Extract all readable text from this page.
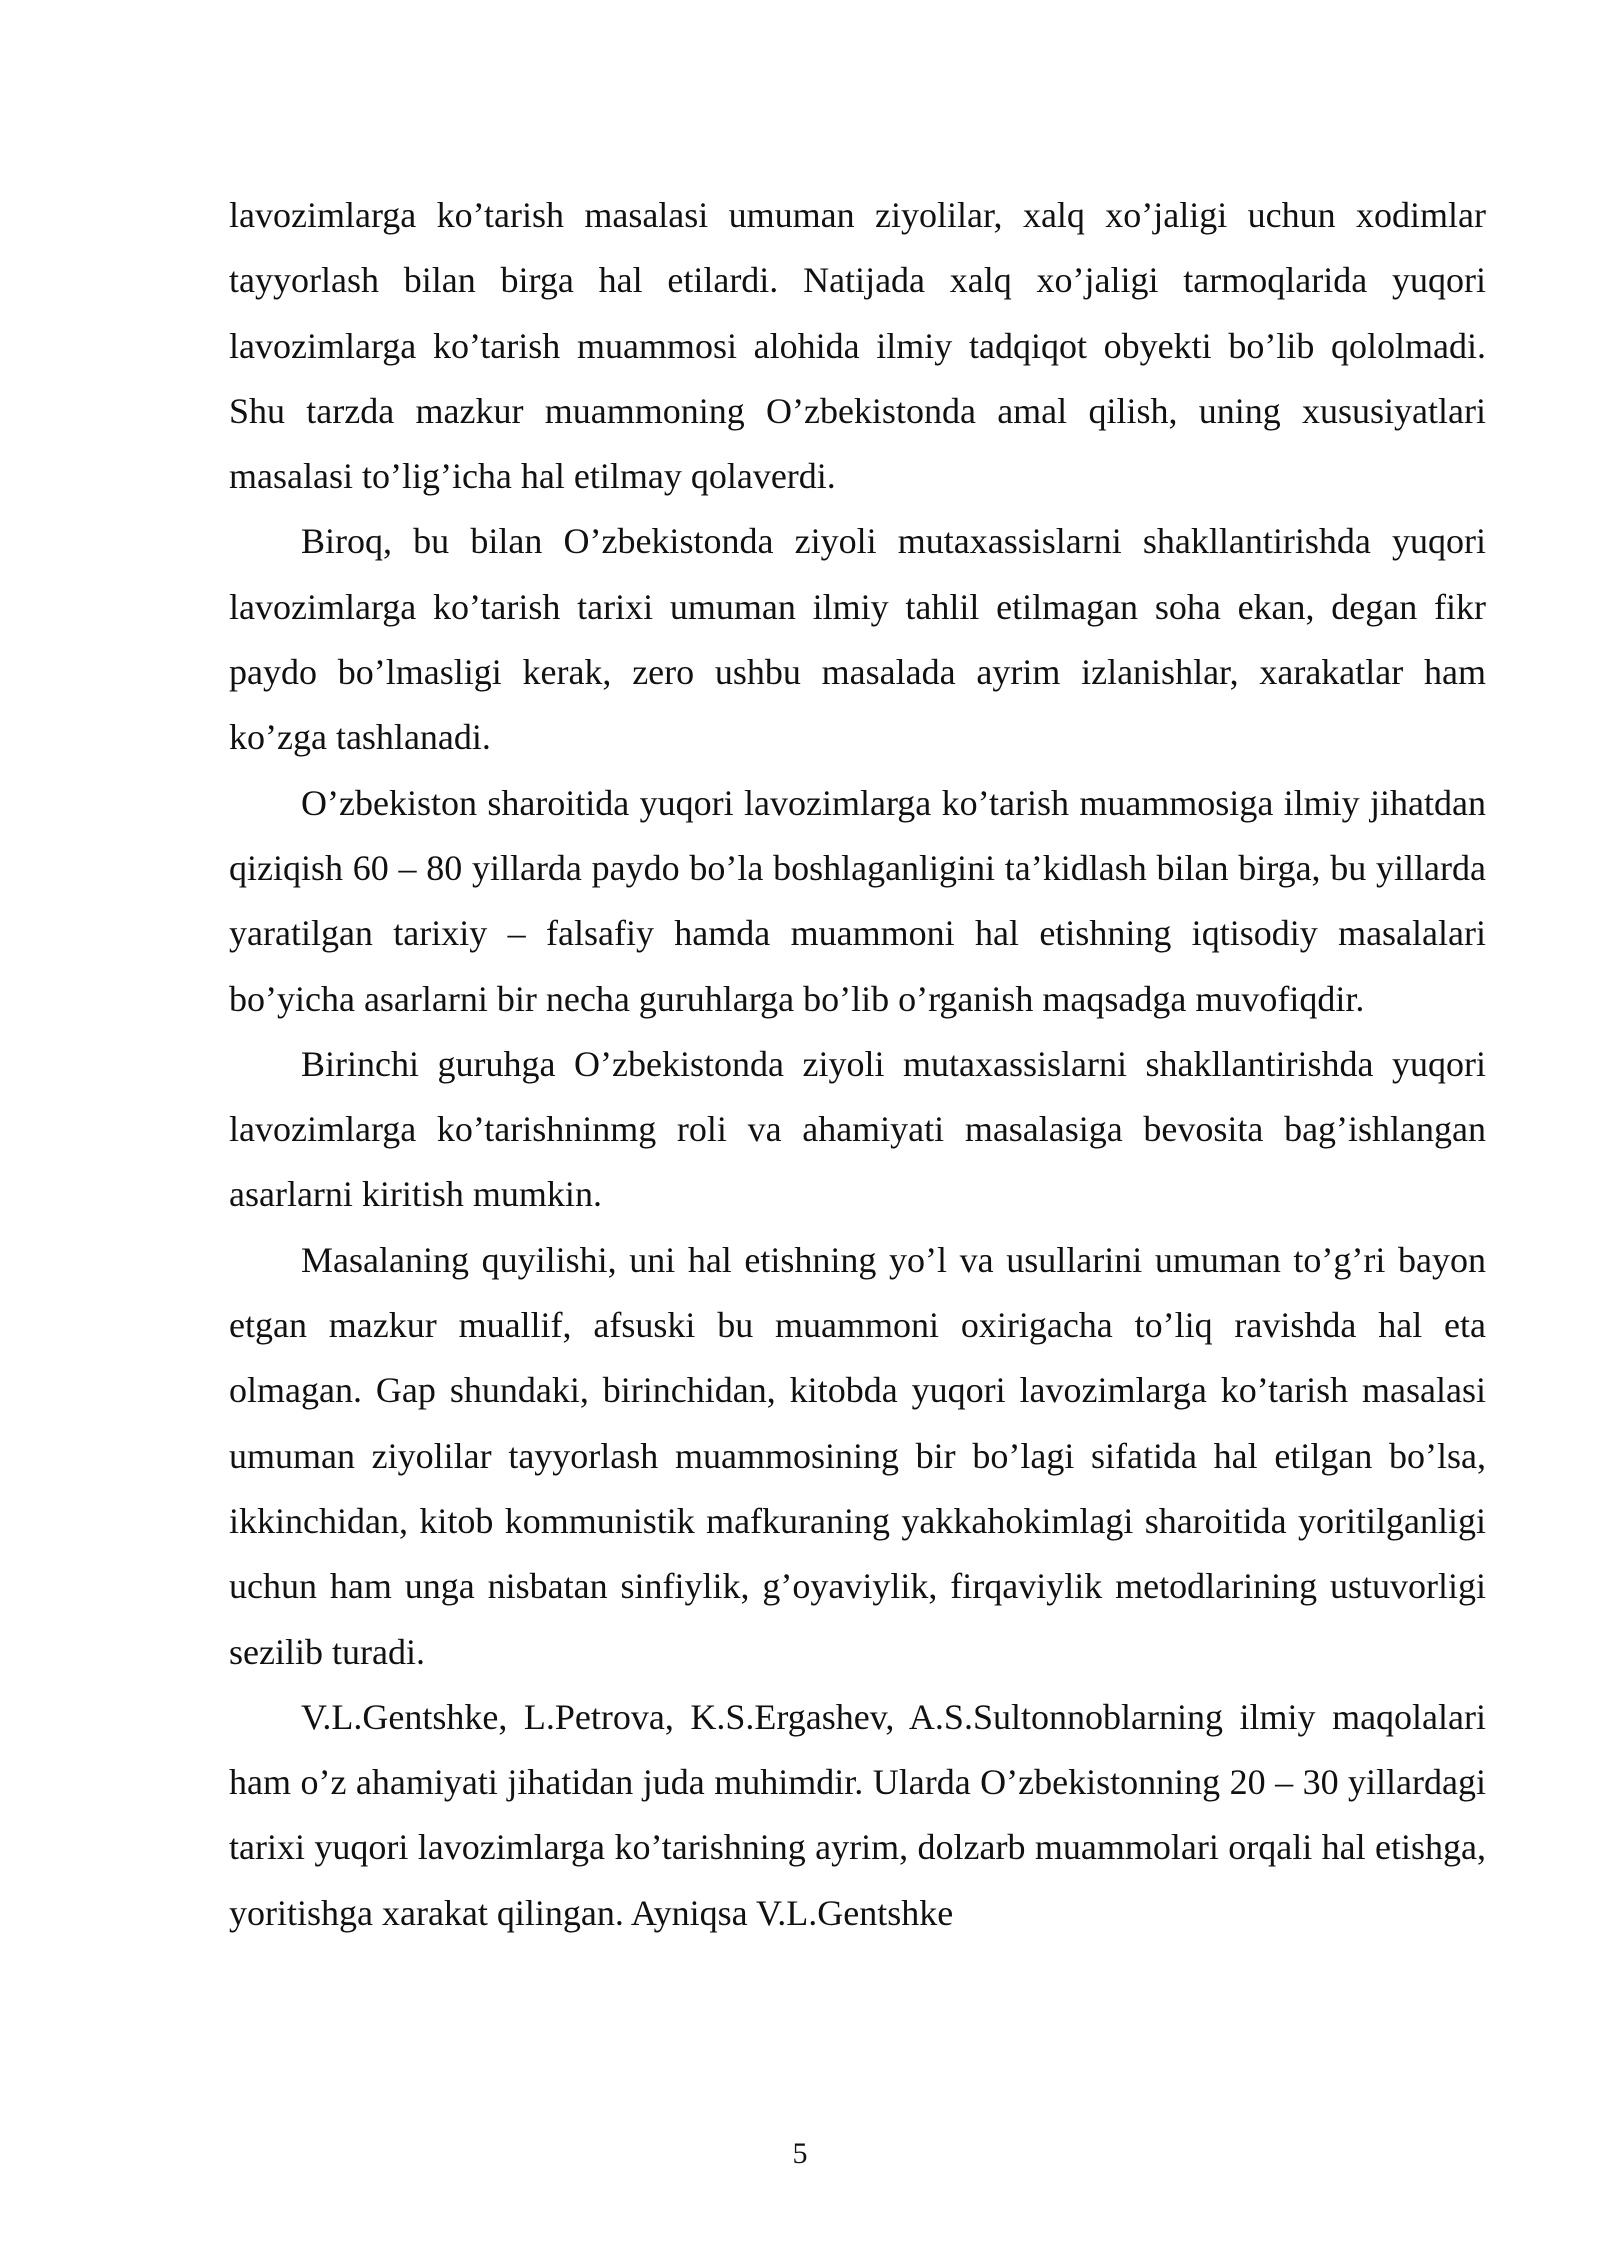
lavozimlarga ko’tarish masalasi umuman ziyolilar, xalq xo’jaligi uchun xodimlar tayyorlash bilan birga hal etilardi. Natijada xalq xo’jaligi tarmoqlarida yuqori lavozimlarga ko’tarish muammosi alohida ilmiy tadqiqot obyekti bo’lib qololmadi. Shu tarzda mazkur muammoning O’zbekistonda amal qilish, uning xususiyatlari masalasi to’lig’icha hal etilmay qolaverdi.

Biroq, bu bilan O’zbekistonda ziyoli mutaxassislarni shakllantirishda yuqori lavozimlarga ko’tarish tarixi umuman ilmiy tahlil etilmagan soha ekan, degan fikr paydo bo’lmasligi kerak, zero ushbu masalada ayrim izlanishlar, xarakatlar ham ko’zga tashlanadi.

O’zbekiston sharoitida yuqori lavozimlarga ko’tarish muammosiga ilmiy jihatdan qiziqish 60 – 80 yillarda paydo bo’la boshlaganligini ta’kidlash bilan birga, bu yillarda yaratilgan tarixiy – falsafiy hamda muammoni hal etishning iqtisodiy masalalari bo’yicha asarlarni bir necha guruhlarga bo’lib o’rganish maqsadga muvofiqdir.

Birinchi guruhga O’zbekistonda ziyoli mutaxassislarni shakllantirishda yuqori lavozimlarga ko’tarishninmg roli va ahamiyati masalasiga bevosita bag’ishlangan asarlarni kiritish mumkin.

Masalaning quyilishi, uni hal etishning yo’l va usullarini umuman to’g’ri bayon etgan mazkur muallif, afsuski bu muammoni oxirigacha to’liq ravishda hal eta olmagan. Gap shundaki, birinchidan, kitobda yuqori lavozimlarga ko’tarish masalasi umuman ziyolilar tayyorlash muammosining bir bo’lagi sifatida hal etilgan bo’lsa, ikkinchidan, kitob kommunistik mafkuraning yakkahokimlagi sharoitida yoritilganligi uchun ham unga nisbatan sinfiylik, g’oyaviylik, firqaviylik metodlarining ustuvorligi sezilib turadi.

V.L.Gentshke, L.Petrova, K.S.Ergashev, A.S.Sultonnoblarning ilmiy maqolalari ham o’z ahamiyati jihatidan juda muhimdir. Ularda O’zbekistonning 20 – 30 yillardagi tarixi yuqori lavozimlarga ko’tarishning ayrim, dolzarb muammolari orqali hal etishga, yoritishga xarakat qilingan. Ayniqsa V.L.Gentshke

5
